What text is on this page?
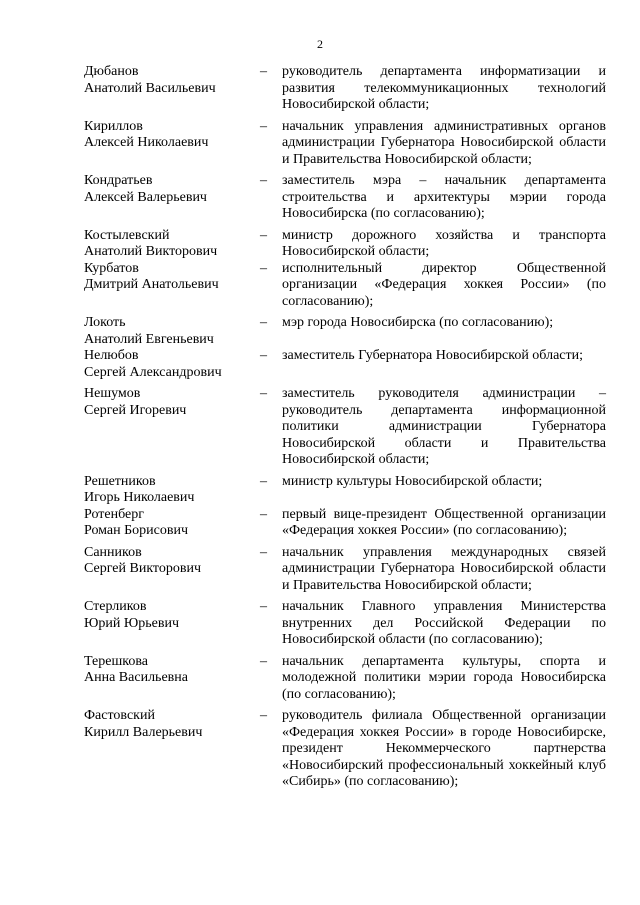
2
Дюбанов
Анатолий Васильевич
–	руководитель департамента информатизации и развития телекоммуникационных технологий Новосибирской области;
Кириллов
Алексей Николаевич
–	начальник управления административных органов администрации Губернатора Новосибирской области и Правительства Новосибирской области;
Кондратьев
Алексей Валерьевич
–	заместитель мэра – начальник департамента строительства и архитектуры мэрии города Новосибирска (по согласованию);
Костылевский
Анатолий Викторович
–	министр дорожного хозяйства и транспорта Новосибирской области;
Курбатов
Дмитрий Анатольевич
–	исполнительный директор Общественной организации «Федерация хоккея России» (по согласованию);
Локоть
Анатолий Евгеньевич
–	мэр города Новосибирска (по согласованию);
Нелюбов
Сергей Александрович
–	заместитель Губернатора Новосибирской области;
Нешумов
Сергей Игоревич
–	заместитель руководителя администрации – руководитель департамента информационной политики администрации Губернатора Новосибирской области и Правительства Новосибирской области;
Решетников
Игорь Николаевич
–	министр культуры Новосибирской области;
Ротенберг
Роман Борисович
–	первый вице-президент Общественной организации «Федерация хоккея России» (по согласованию);
Санников
Сергей Викторович
–	начальник управления международных связей администрации Губернатора Новосибирской области и Правительства Новосибирской области;
Стерликов
Юрий Юрьевич
–	начальник Главного управления Министерства внутренних дел Российской Федерации по Новосибирской области (по согласованию);
Терешкова
Анна Васильевна
–	начальник департамента культуры, спорта и молодежной политики мэрии города Новосибирска (по согласованию);
Фастовский
Кирилл Валерьевич
–	руководитель филиала Общественной организации «Федерация хоккея России» в городе Новосибирске, президент Некоммерческого партнерства «Новосибирский профессиональный хоккейный клуб «Сибирь» (по согласованию);
